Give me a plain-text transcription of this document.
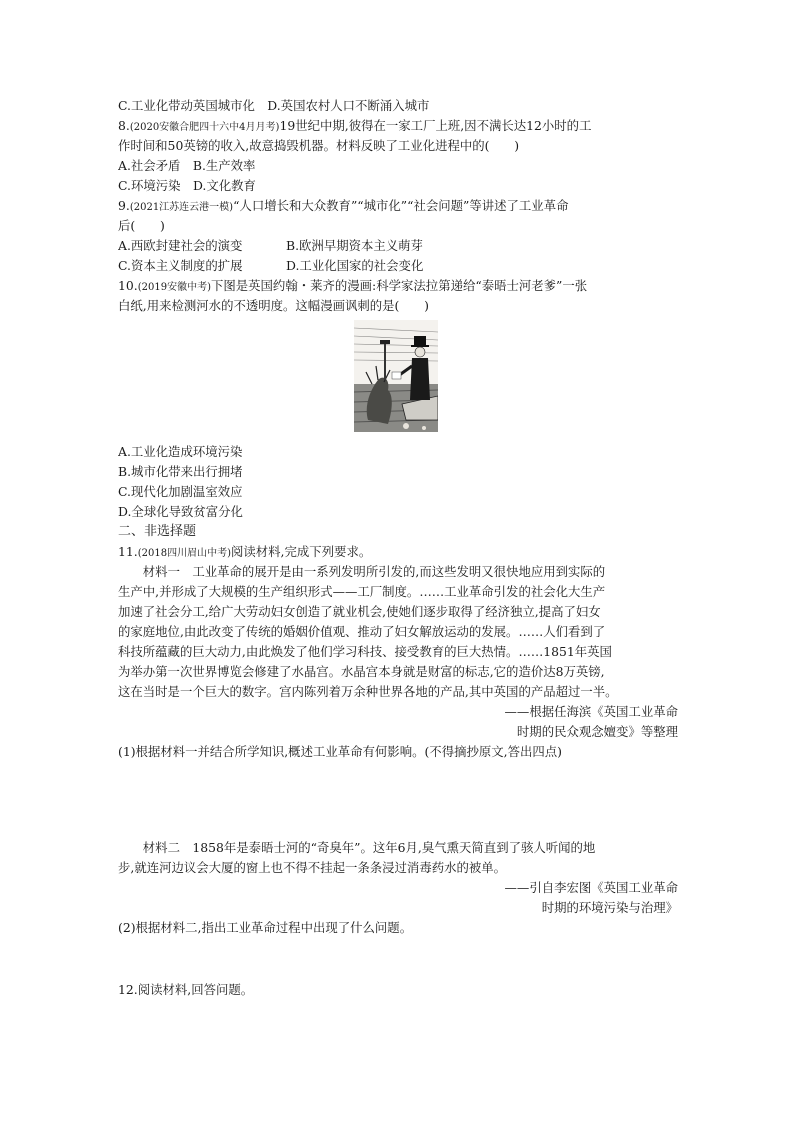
C.工业化带动英国城市化　D.英国农村人口不断涌入城市
8.(2020安徽合肥四十六中4月月考)19世纪中期,彼得在一家工厂上班,因不满长达12小时的工
作时间和50英镑的收入,故意捣毁机器。材料反映了工业化进程中的(　　)
A.社会矛盾　 B.生产效率
C.环境污染　 D.文化教育
9.(2021江苏连云港一模)“人口增长和大众教育”“城市化”“社会问题”等讲述了工业革命
后(　　)
A.西欧封建社会的演变	B.欧洲早期资本主义萌芽
C.资本主义制度的扩展	D.工业化国家的社会变化
10.(2019安徽中考)下图是英国约翰・莱齐的漫画:科学家法拉第递给“泰晤士河老爹”一张
白纸,用来检测河水的不透明度。这幅漫画讽刺的是(　　)
A.工业化造成环境污染
B.城市化带来出行拥堵
C.现代化加剧温室效应
D.全球化导致贫富分化
二、非选择题
11.(2018四川眉山中考)阅读材料,完成下列要求。
材料一　工业革命的展开是由一系列发明所引发的,而这些发明又很快地应用到实际的
生产中,并形成了大规模的生产组织形式——工厂制度。……工业革命引发的社会化大生产
加速了社会分工,给广大劳动妇女创造了就业机会,使她们逐步取得了经济独立,提高了妇女
的家庭地位,由此改变了传统的婚姻价值观、推动了妇女解放运动的发展。……人们看到了
科技所蕴藏的巨大动力,由此焕发了他们学习科技、接受教育的巨大热情。……1851年英国
为举办第一次世界博览会修建了水晶宫。水晶宫本身就是财富的标志,它的造价达8万英镑,
这在当时是一个巨大的数字。宫内陈列着万余种世界各地的产品,其中英国的产品超过一半。
——根据任海滨《英国工业革命
时期的民众观念嬗变》等整理
(1)根据材料一并结合所学知识,概述工业革命有何影响。(不得摘抄原文,答出四点)
材料二　1858年是泰晤士河的“奇臭年”。这年6月,臭气熏天简直到了骇人听闻的地
步,就连河边议会大厦的窗上也不得不挂起一条条浸过消毒药水的被单。
——引自李宏图《英国工业革命
时期的环境污染与治理》
(2)根据材料二,指出工业革命过程中出现了什么问题。
12.阅读材料,回答问题。
